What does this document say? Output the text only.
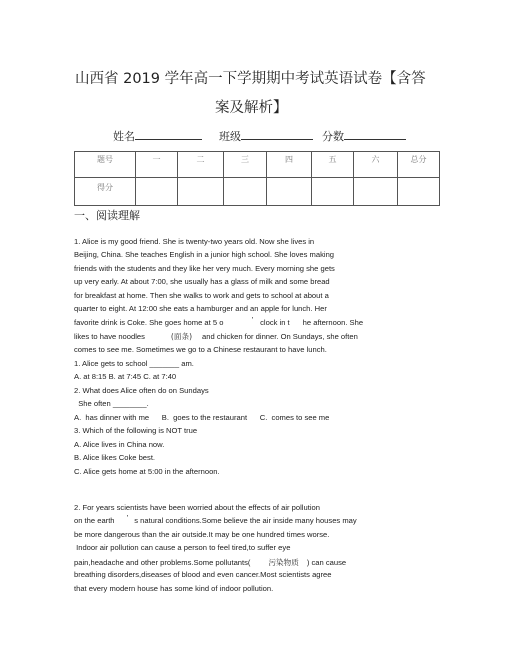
山西省 2019 学年高一下学期期中考试英语试卷【含答
案及解析】
姓名	班级	分数
题号	一	二	三	四	五	六	总分
得分							
一、阅读理解
1. Alice is my good friend. She is twenty-two years old. Now she lives in
Beijing, China. She teaches English in a junior high school. She loves making
friends with the students and they like her very much. Every morning she gets
up very early. At about 7:00, she usually has a glass of milk and some bread
for breakfast at home. Then she walks to work and gets to school at about a
quarter to eight. At 12:00 she eats a hamburger and an apple for lunch. Her
favorite drink is Coke. She goes home at 5 o	’ clock in t he afternoon. She
likes to have noodles	(面条) and chicken for dinner. On Sundays, she often
comes to see me. Sometimes we go to a Chinese restaurant to have lunch.
1. Alice gets to school _______ am.
A. at 8:15 B. at 7:45 C. at 7:40
2. What does Alice often do on Sundays
She often ________.
A.  has dinner with me      B.  goes to the restaurant      C.  comes to see me
3. Which of the following is NOT true
A. Alice lives in China now.
B. Alice likes Coke best.
C. Alice gets home at 5:00 in the afternoon.
2. For years scientists have been worried about the effects of air pollution
on the earth ’ s natural conditions.Some believe the air inside many houses may
be more dangerous than the air outside.It may be one hundred times worse.
Indoor air pollution can cause a person to feel tired,to suffer eye
pain,headache and other problems.Some pollutants( 污染物质 ) can cause
breathing disorders,diseases of blood and even cancer.Most scientists agree
that every modern house has some kind of indoor pollution.
